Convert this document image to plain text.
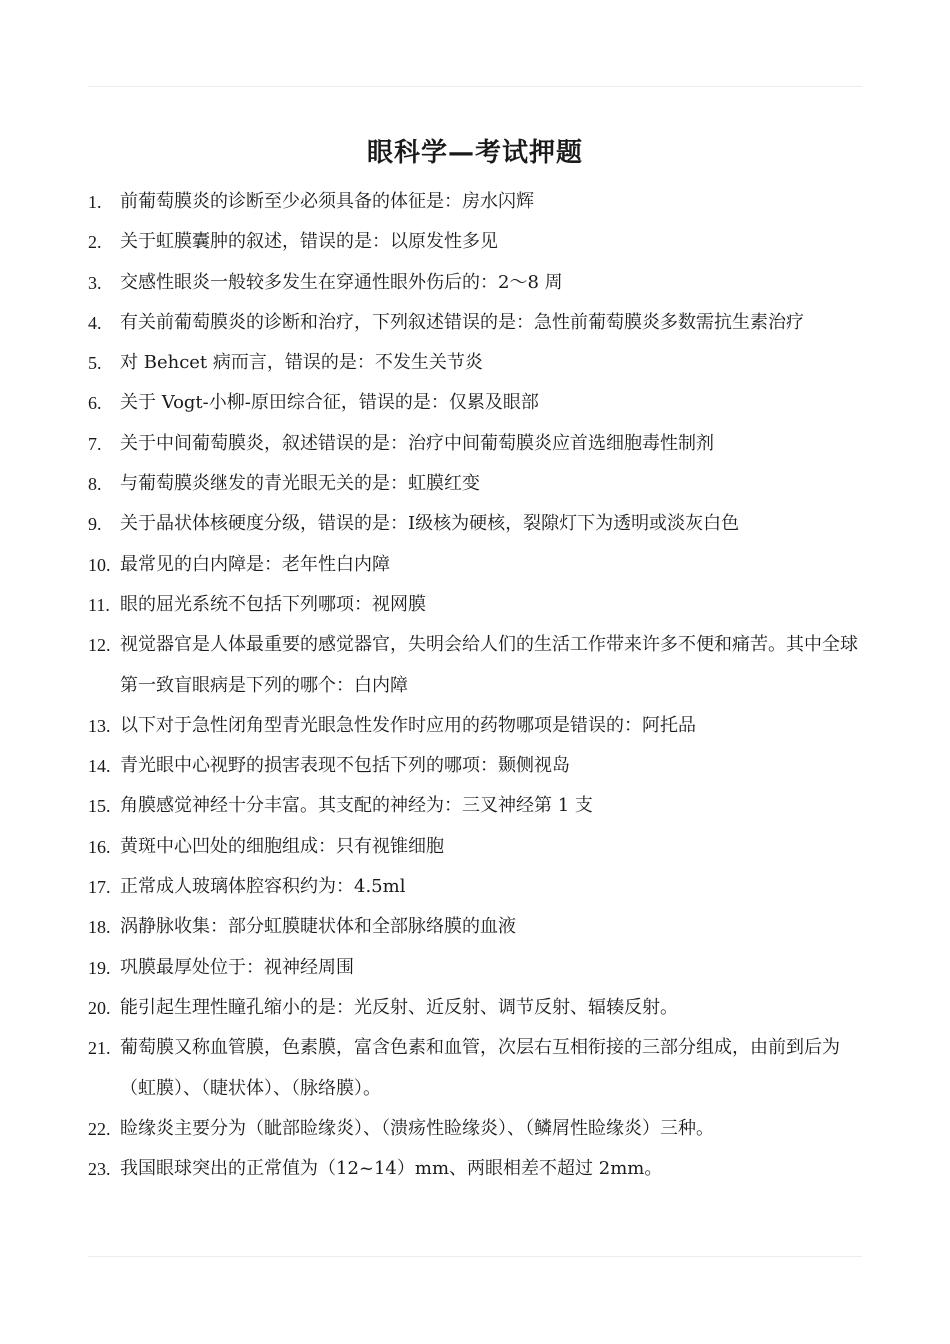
眼科学—考试押题
1. 前葡萄膜炎的诊断至少必须具备的体征是：房水闪辉
2. 关于虹膜囊肿的叙述，错误的是：以原发性多见
3. 交感性眼炎一般较多发生在穿通性眼外伤后的：2～8 周
4. 有关前葡萄膜炎的诊断和治疗，下列叙述错误的是：急性前葡萄膜炎多数需抗生素治疗
5. 对 Behcet 病而言，错误的是：不发生关节炎
6. 关于 Vogt-小柳-原田综合征，错误的是：仅累及眼部
7. 关于中间葡萄膜炎，叙述错误的是：治疗中间葡萄膜炎应首选细胞毒性制剂
8. 与葡萄膜炎继发的青光眼无关的是：虹膜红变
9. 关于晶状体核硬度分级，错误的是：I级核为硬核，裂隙灯下为透明或淡灰白色
10. 最常见的白内障是：老年性白内障
11. 眼的屈光系统不包括下列哪项：视网膜
12. 视觉器官是人体最重要的感觉器官，失明会给人们的生活工作带来许多不便和痛苦。其中全球第一致盲眼病是下列的哪个：白内障
13. 以下对于急性闭角型青光眼急性发作时应用的药物哪项是错误的：阿托品
14. 青光眼中心视野的损害表现不包括下列的哪项：颞侧视岛
15. 角膜感觉神经十分丰富。其支配的神经为：三叉神经第 1 支
16. 黄斑中心凹处的细胞组成：只有视锥细胞
17. 正常成人玻璃体腔容积约为：4.5ml
18. 涡静脉收集：部分虹膜睫状体和全部脉络膜的血液
19. 巩膜最厚处位于：视神经周围
20. 能引起生理性瞳孔缩小的是：光反射、近反射、调节反射、辐辏反射。
21. 葡萄膜又称血管膜，色素膜，富含色素和血管，次层右互相衔接的三部分组成，由前到后为（虹膜）、（睫状体）、（脉络膜）。
22. 睑缘炎主要分为（眦部睑缘炎）、（溃疡性睑缘炎）、（鳞屑性睑缘炎）三种。
23. 我国眼球突出的正常值为（12~14）mm、两眼相差不超过 2mm。
